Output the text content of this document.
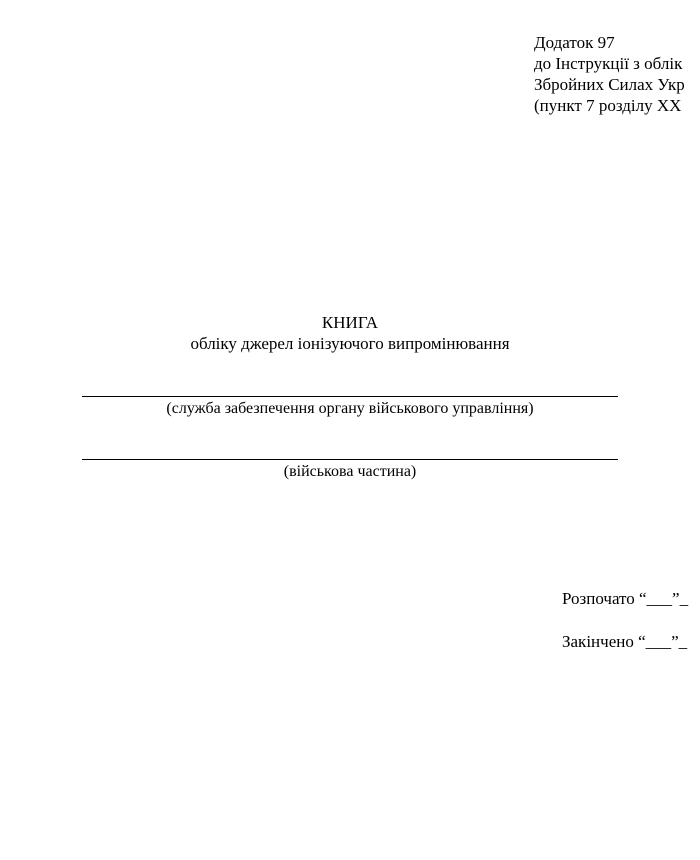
Додаток 97
до Інструкції з облік
Збройних Силах Укр
(пункт 7 розділу XX
КНИГА
обліку джерел іонізуючого випромінювання
(служба забезпечення органу військового управління)
(військова частина)
Розпочато “___”_
Закінчено “___”_
